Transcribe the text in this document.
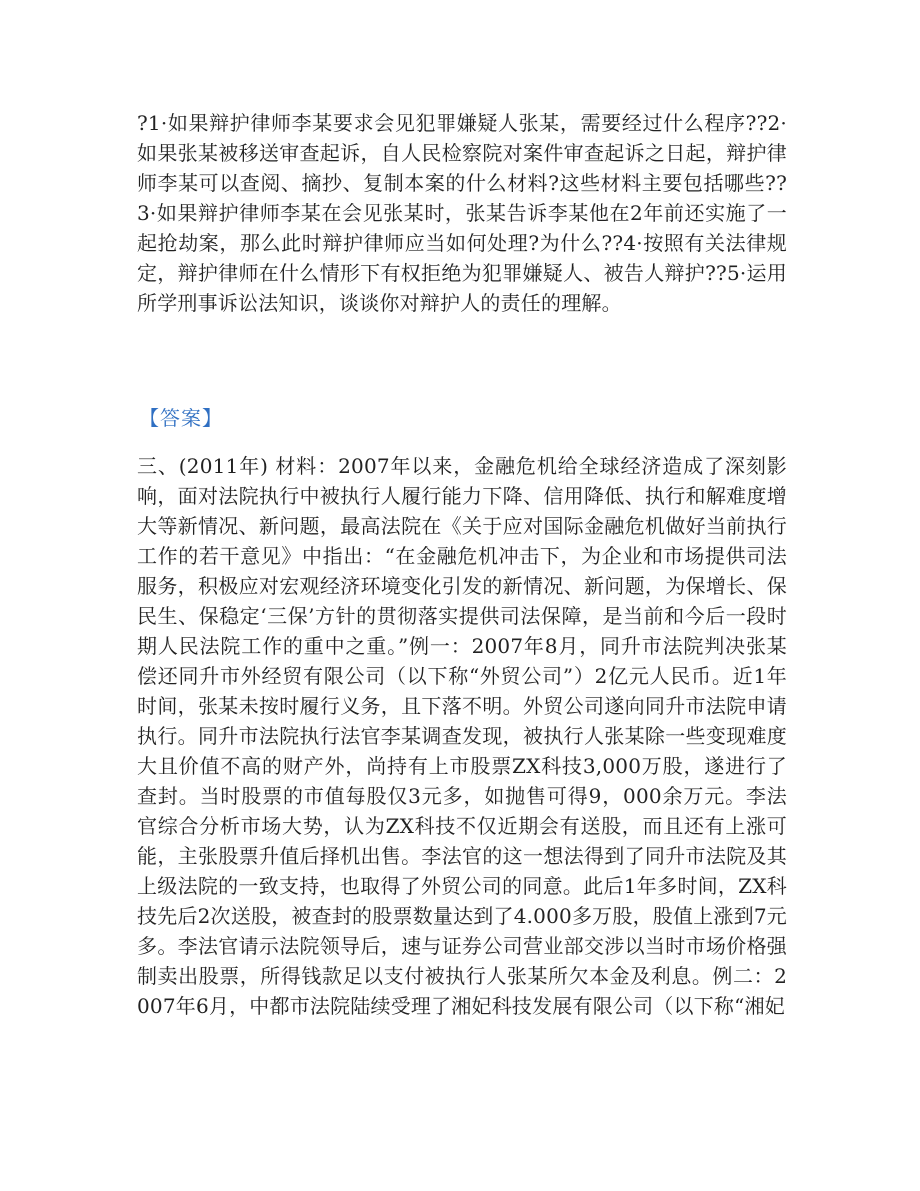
?1·如果辩护律师李某要求会见犯罪嫌疑人张某，需要经过什么程序??2·如果张某被移送审查起诉，自人民检察院对案件审查起诉之日起，辩护律师李某可以查阅、摘抄、复制本案的什么材料?这些材料主要包括哪些??3·如果辩护律师李某在会见张某时，张某告诉李某他在2年前还实施了一起抢劫案，那么此时辩护律师应当如何处理?为什么??4·按照有关法律规定，辩护律师在什么情形下有权拒绝为犯罪嫌疑人、被告人辩护??5·运用所学刑事诉讼法知识，谈谈你对辩护人的责任的理解。

【答案】

三、(2011年) 材料：2007年以来，金融危机给全球经济造成了深刻影响，面对法院执行中被执行人履行能力下降、信用降低、执行和解难度增大等新情况、新问题，最高法院在《关于应对国际金融危机做好当前执行工作的若干意见》中指出：“在金融危机冲击下，为企业和市场提供司法服务，积极应对宏观经济环境变化引发的新情况、新问题，为保增长、保民生、保稳定‘三保’方针的贯彻落实提供司法保障，是当前和今后一段时期人民法院工作的重中之重。”例一：2007年8月，同升市法院判决张某偿还同升市外经贸有限公司（以下称“外贸公司”）2亿元人民币。近1年时间，张某未按时履行义务，且下落不明。外贸公司遂向同升市法院申请执行。同升市法院执行法官李某调查发现，被执行人张某除一些变现难度大且价值不高的财产外，尚持有上市股票ZX科技3,000万股，遂进行了查封。当时股票的市值每股仅3元多，如抛售可得9，000余万元。李法官综合分析市场大势，认为ZX科技不仅近期会有送股，而且还有上涨可能，主张股票升值后择机出售。李法官的这一想法得到了同升市法院及其上级法院的一致支持，也取得了外贸公司的同意。此后1年多时间，ZX科技先后2次送股，被查封的股票数量达到了4.000多万股，股值上涨到7元多。李法官请示法院领导后，速与证券公司营业部交涉以当时市场价格强制卖出股票，所得钱款足以支付被执行人张某所欠本金及利息。例二：2007年6月，中都市法院陆续受理了湘妃科技发展有限公司（以下称“湘妃
